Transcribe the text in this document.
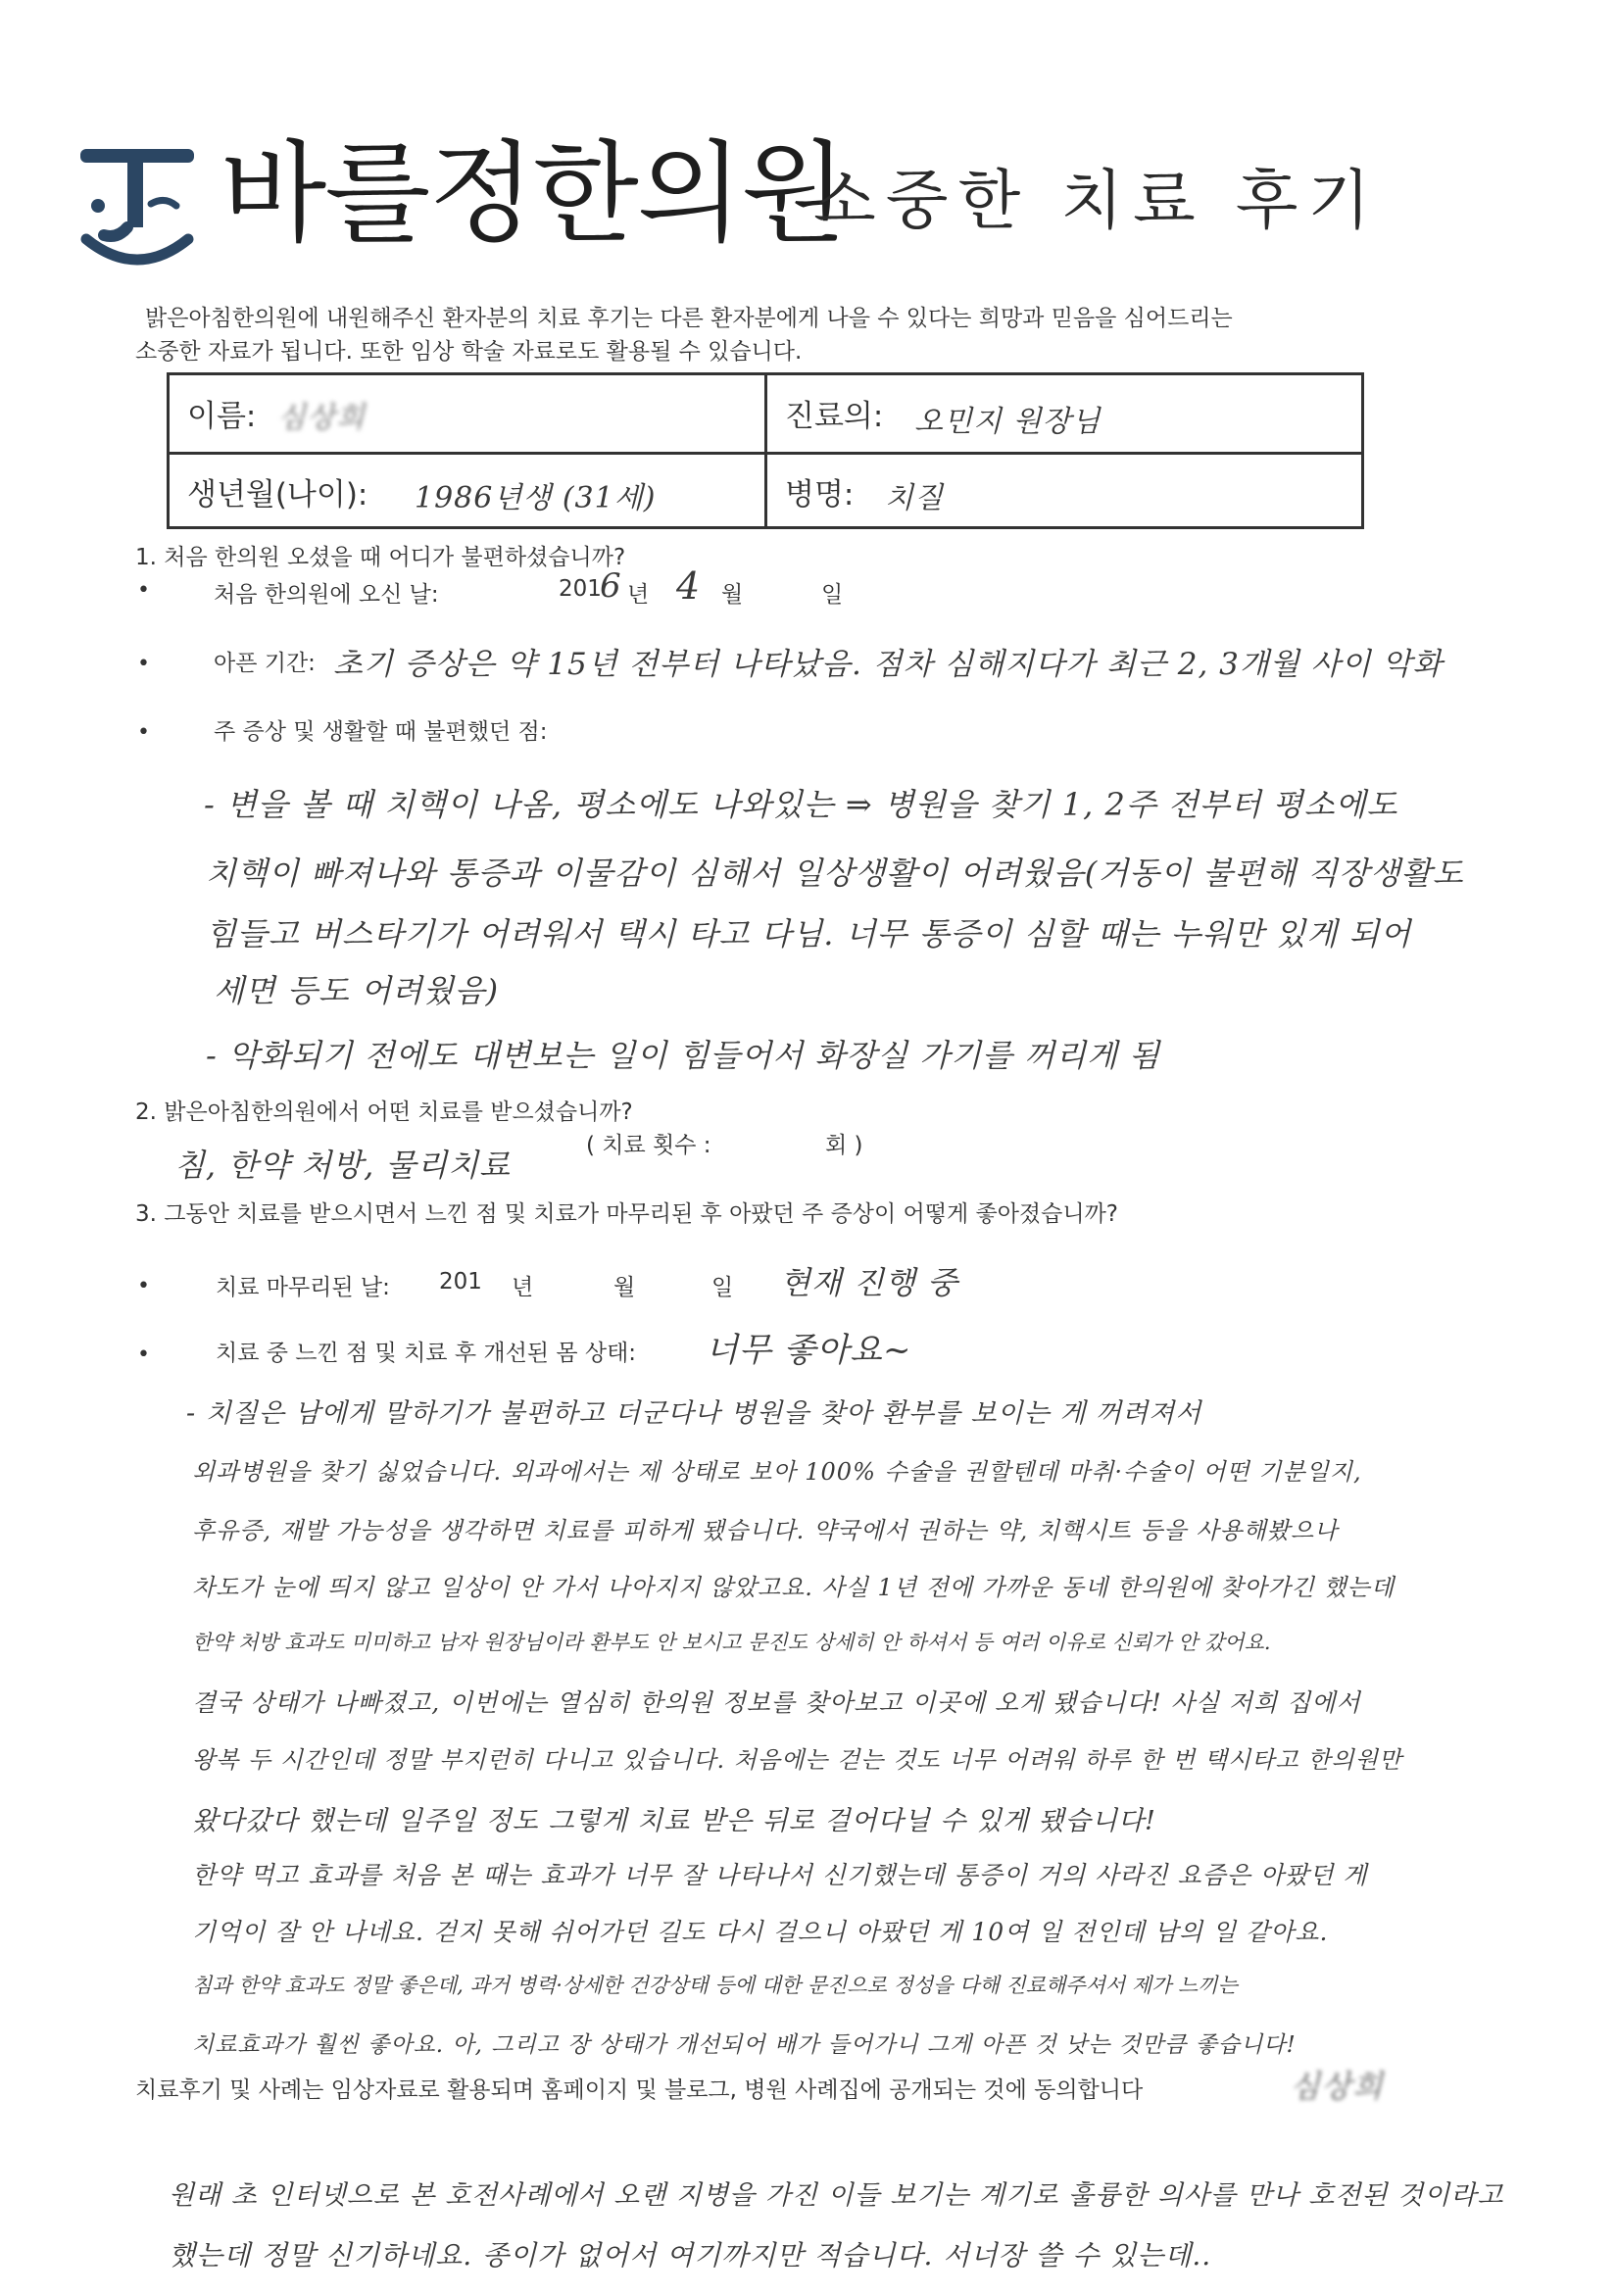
바를정한의원
소중한 치료 후기
밝은아침한의원에 내원해주신 환자분의 치료 후기는 다른 환자분에게 나을 수 있다는 희망과 믿음을 심어드리는
소중한 자료가 됩니다. 또한 임상 학술 자료로도 활용될 수 있습니다.
이름: 심상희	진료의: 오민지 원장님
생년월(나이): 1986년생 (31세)	병명: 치질
1. 처음 한의원 오셨을 때 어디가 불편하셨습니까?
•	처음 한의원에 오신 날:	201
6 년 4 월	일
•	아픈 기간: 초기 증상은 약 15년 전부터 나타났음. 점차 심해지다가 최근 2, 3개월 사이 악화
•	주 증상 및 생활할 때 불편했던 점:
- 변을 볼 때 치핵이 나옴, 평소에도 나와있는 ⇒ 병원을 찾기 1, 2주 전부터 평소에도
치핵이 빠져나와 통증과 이물감이 심해서 일상생활이 어려웠음(거동이 불편해 직장생활도
힘들고 버스타기가 어려워서 택시 타고 다님. 너무 통증이 심할 때는 누워만 있게 되어
세면 등도 어려웠음)
- 악화되기 전에도 대변보는 일이 힘들어서 화장실 가기를 꺼리게 됨
2. 밝은아침한의원에서 어떤 치료를 받으셨습니까?
침, 한약 처방, 물리치료
( 치료 횟수 :	회 )
3. 그동안 치료를 받으시면서 느낀 점 및 치료가 마무리된 후 아팠던 주 증상이 어떻게 좋아졌습니까?
•	치료 마무리된 날: 201 년	월	일 현재 진행 중
•	치료 중 느낀 점 및 치료 후 개선된 몸 상태: 너무 좋아요~
- 치질은 남에게 말하기가 불편하고 더군다나 병원을 찾아 환부를 보이는 게 꺼려져서
외과병원을 찾기 싫었습니다. 외과에서는 제 상태로 보아 100% 수술을 권할텐데 마취·수술이 어떤 기분일지,
후유증, 재발 가능성을 생각하면 치료를 피하게 됐습니다. 약국에서 권하는 약, 치핵시트 등을 사용해봤으나
차도가 눈에 띄지 않고 일상이 안 가서 나아지지 않았고요. 사실 1년 전에 가까운 동네 한의원에 찾아가긴 했는데
한약 처방 효과도 미미하고 남자 원장님이라 환부도 안 보시고 문진도 상세히 안 하셔서 등 여러 이유로 신뢰가 안 갔어요.
결국 상태가 나빠졌고, 이번에는 열심히 한의원 정보를 찾아보고 이곳에 오게 됐습니다! 사실 저희 집에서
왕복 두 시간인데 정말 부지런히 다니고 있습니다. 처음에는 걷는 것도 너무 어려워 하루 한 번 택시타고 한의원만
왔다갔다 했는데 일주일 정도 그렇게 치료 받은 뒤로 걸어다닐 수 있게 됐습니다!
한약 먹고 효과를 처음 본 때는 효과가 너무 잘 나타나서 신기했는데 통증이 거의 사라진 요즘은 아팠던 게
기억이 잘 안 나네요. 걷지 못해 쉬어가던 길도 다시 걸으니 아팠던 게 10여 일 전인데 남의 일 같아요.
침과 한약 효과도 정말 좋은데, 과거 병력·상세한 건강상태 등에 대한 문진으로 정성을 다해 진료해주셔서 제가 느끼는
치료효과가 훨씬 좋아요. 아, 그리고 장 상태가 개선되어 배가 들어가니 그게 아픈 것 낫는 것만큼 좋습니다!
치료후기 및 사례는 임상자료로 활용되며 홈페이지 및 블로그, 병원 사례집에 공개되는 것에 동의합니다	심상희
원래 초 인터넷으로 본 호전사례에서 오랜 지병을 가진 이들 보기는 계기로 훌륭한 의사를 만나 호전된 것이라고
했는데 정말 신기하네요. 종이가 없어서 여기까지만 적습니다. 서너장 쓸 수 있는데..
